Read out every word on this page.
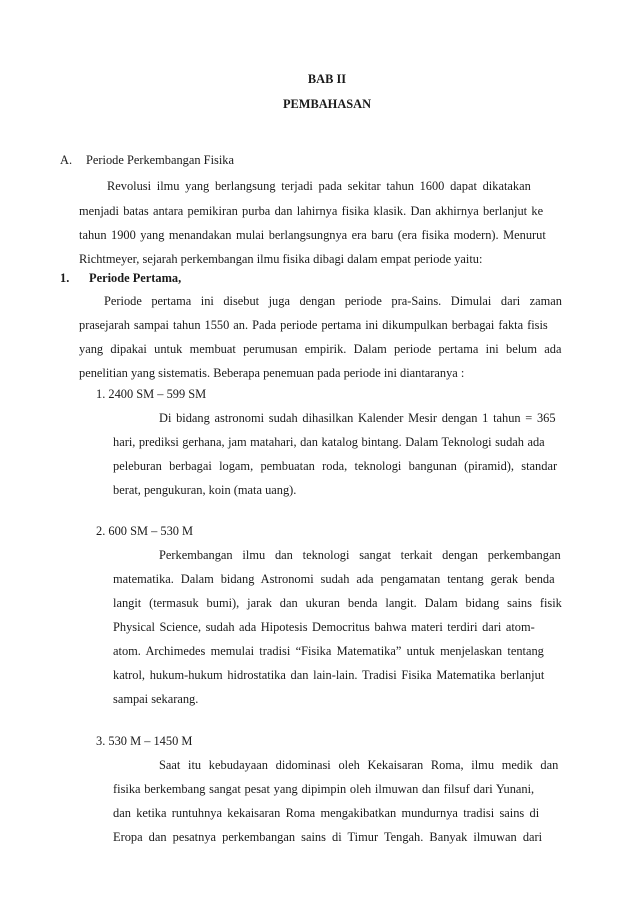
BAB II
PEMBAHASAN
A. Periode Perkembangan Fisika
Revolusi ilmu yang berlangsung terjadi pada sekitar tahun 1600 dapat dikatakan
menjadi batas antara pemikiran purba dan lahirnya fisika klasik. Dan akhirnya berlanjut ke
tahun 1900 yang menandakan mulai berlangsungnya era baru (era fisika modern). Menurut
Richtmeyer, sejarah perkembangan ilmu fisika dibagi dalam empat periode yaitu:
1. Periode Pertama,
Periode pertama ini disebut juga dengan periode pra-Sains. Dimulai dari zaman
prasejarah sampai tahun 1550 an. Pada periode pertama ini dikumpulkan berbagai fakta fisis
yang dipakai untuk membuat perumusan empirik. Dalam periode pertama ini belum ada
penelitian yang sistematis. Beberapa penemuan pada periode ini diantaranya :
1. 2400 SM – 599 SM
Di bidang astronomi sudah dihasilkan Kalender Mesir dengan 1 tahun = 365
hari, prediksi gerhana, jam matahari, dan katalog bintang. Dalam Teknologi sudah ada
peleburan berbagai logam, pembuatan roda, teknologi bangunan (piramid), standar
berat, pengukuran, koin (mata uang).
2. 600 SM – 530 M
Perkembangan ilmu dan teknologi sangat terkait dengan perkembangan
matematika. Dalam bidang Astronomi sudah ada pengamatan tentang gerak benda
langit (termasuk bumi), jarak dan ukuran benda langit. Dalam bidang sains fisik
Physical Science, sudah ada Hipotesis Democritus bahwa materi terdiri dari atom-
atom. Archimedes memulai tradisi “Fisika Matematika” untuk menjelaskan tentang
katrol, hukum-hukum hidrostatika dan lain-lain. Tradisi Fisika Matematika berlanjut
sampai sekarang.
3. 530 M – 1450 M
Saat itu kebudayaan didominasi oleh Kekaisaran Roma, ilmu medik dan
fisika berkembang sangat pesat yang dipimpin oleh ilmuwan dan filsuf dari Yunani,
dan ketika runtuhnya kekaisaran Roma mengakibatkan mundurnya tradisi sains di
Eropa dan pesatnya perkembangan sains di Timur Tengah. Banyak ilmuwan dari
